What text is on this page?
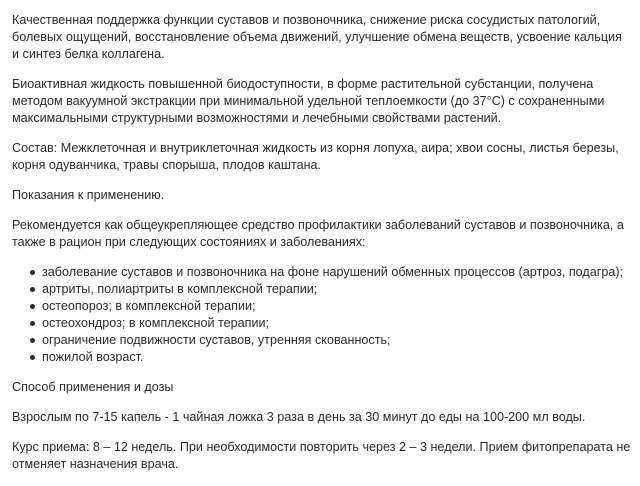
Качественная поддержка функции суставов и позвоночника, снижение риска сосудистых патологий, болевых ощущений, восстановление объема движений, улучшение обмена веществ, усвоение кальция и синтез белка коллагена.

Биоактивная жидкость повышенной биодоступности, в форме растительной субстанции, получена методом вакуумной экстракции при минимальной удельной теплоемкости (до 37°С) с сохраненными максимальными структурными возможностями и лечебными свойствами растений.

Состав: Межклеточная и внутриклеточная жидкость из корня лопуха, аира; хвои сосны, листья березы, корня одуванчика, травы спорыша, плодов каштана.

Показания к применению.

Рекомендуется как общеукрепляющее средство профилактики заболеваний суставов и позвоночника, а также в рацион при следующих состояниях и заболеваниях:

заболевание суставов и позвоночника на фоне нарушений обменных процессов (артроз, подагра);
артриты, полиартриты в комплексной терапии;
остеопороз; в комплексной терапии;
остеохондроз; в комплексной терапии;
ограничение подвижности суставов, утренняя скованность;
пожилой возраст.

Способ применения и дозы

Взрослым по 7-15 капель - 1 чайная ложка 3 раза в день за 30 минут до еды на 100-200 мл воды.

Курс приема: 8 – 12 недель. При необходимости повторить через 2 – 3 недели. Прием фитопрепарата не отменяет назначения врача.
